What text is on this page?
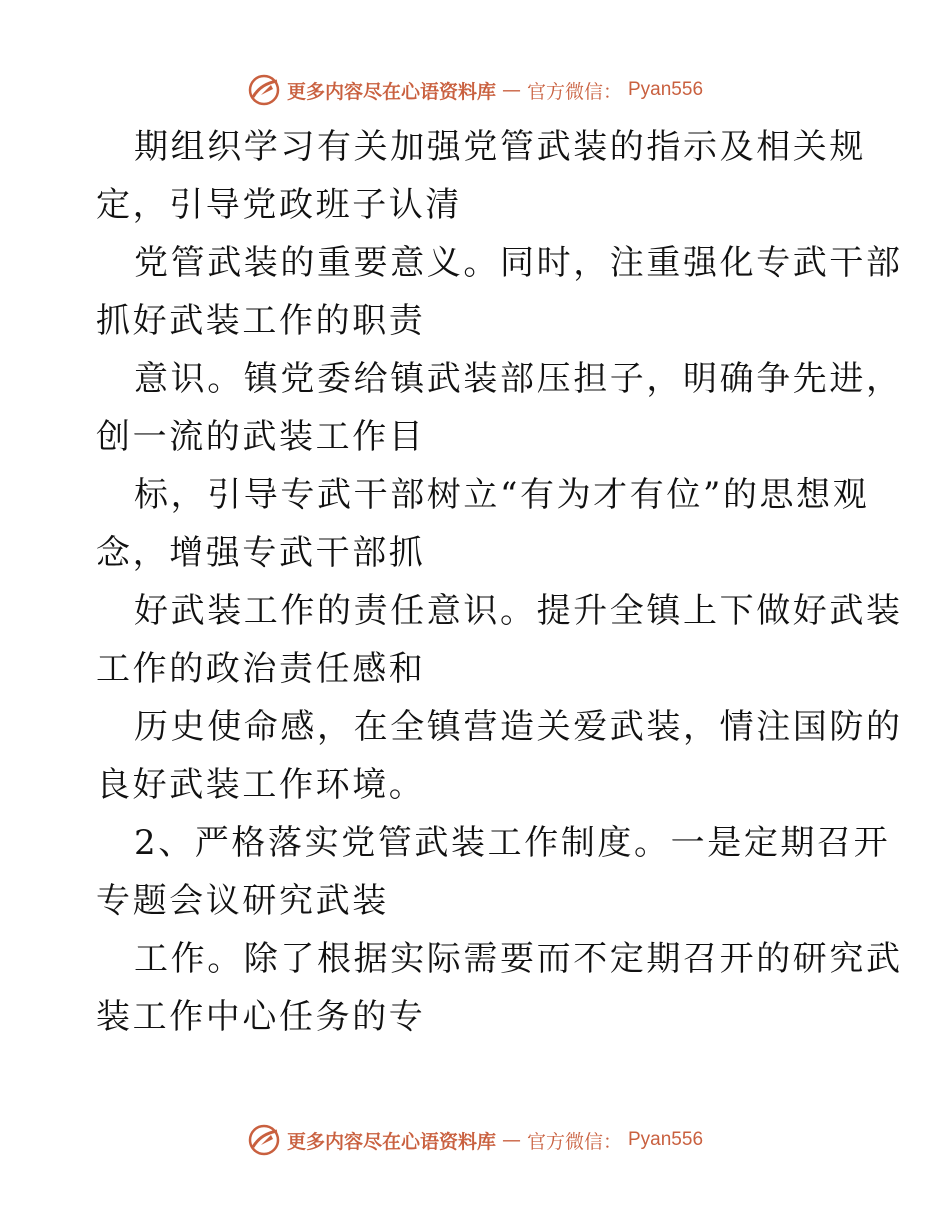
更多内容尽在心语资料库 — 官方微信： Pyan556

期组织学习有关加强党管武装的指示及相关规
定，引导党政班子认清

党管武装的重要意义。同时，注重强化专武干部
抓好武装工作的职责

意识。镇党委给镇武装部压担子，明确争先进，
创一流的武装工作目

标，引导专武干部树立“有为才有位”的思想观
念，增强专武干部抓

好武装工作的责任意识。提升全镇上下做好武装
工作的政治责任感和

历史使命感，在全镇营造关爱武装，情注国防的
良好武装工作环境。

2、严格落实党管武装工作制度。一是定期召开
专题会议研究武装

工作。除了根据实际需要而不定期召开的研究武
装工作中心任务的专

更多内容尽在心语资料库 — 官方微信： Pyan556
